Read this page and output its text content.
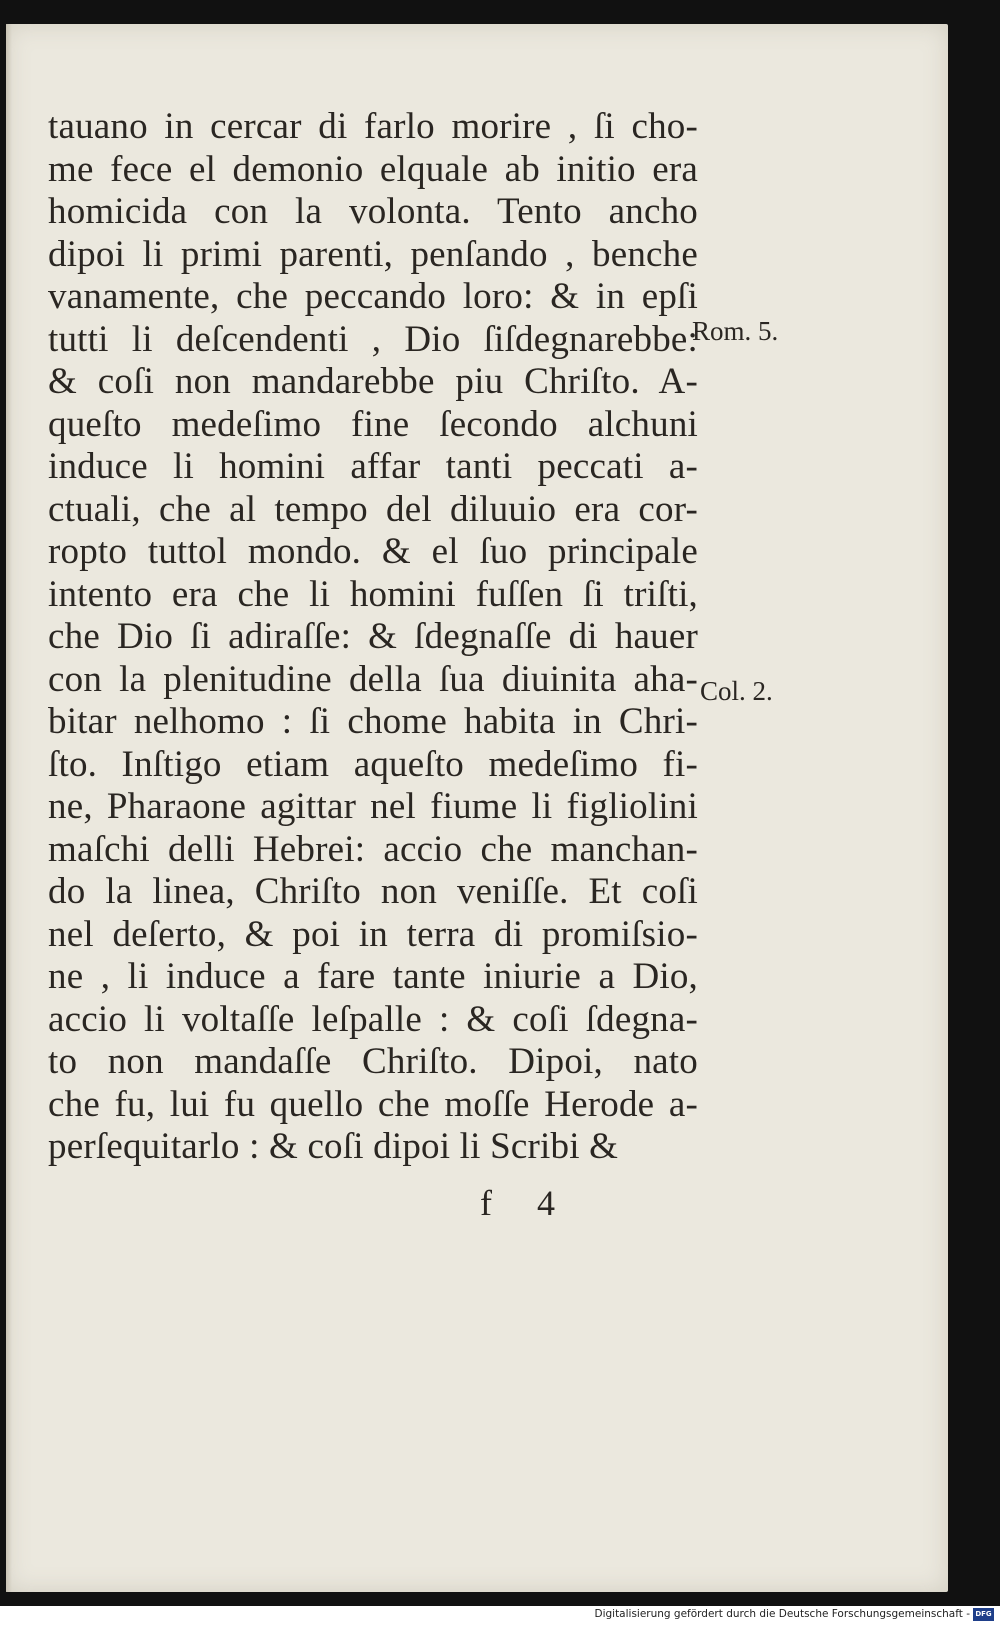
tauano in cercar di farlo morire , ſi cho-
me fece el demonio elquale ab initio era
homicida con la volonta. Tento ancho
dipoi li primi parenti, penſando , benche
vanamente, che peccando loro: & in epſi
tutti li deſcendenti , Dio ſiſdegnarebbe:
& coſi non mandarebbe piu Chriſto. A-
queſto medeſimo fine ſecondo alchuni
induce li homini affar tanti peccati a-
ctuali, che al tempo del diluuio era cor-
ropto tuttol mondo. & el ſuo principale
intento era che li homini fuſſen ſi triſti,
che Dio ſi adiraſſe: & ſdegnaſſe di hauer
con la plenitudine della ſua diuinita aha-
bitar nelhomo : ſi chome habita in Chri-
ſto. Inſtigo etiam aqueſto medeſimo fi-
ne, Pharaone agittar nel fiume li figliolini
maſchi delli Hebrei: accio che manchan-
do la linea, Chriſto non veniſſe. Et coſi
nel deſerto, & poi in terra di promiſsio-
ne , li induce a fare tante iniurie a Dio,
accio li voltaſſe leſpalle : & coſi ſdegna-
to non mandaſſe Chriſto. Dipoi, nato
che fu, lui fu quello che moſſe Herode a-
perſequitarlo : & coſi dipoi li Scribi &
Rom. 5.
Col. 2.
f 4
Digitalisierung gefördert durch die Deutsche Forschungsgemeinschaft - DFG
